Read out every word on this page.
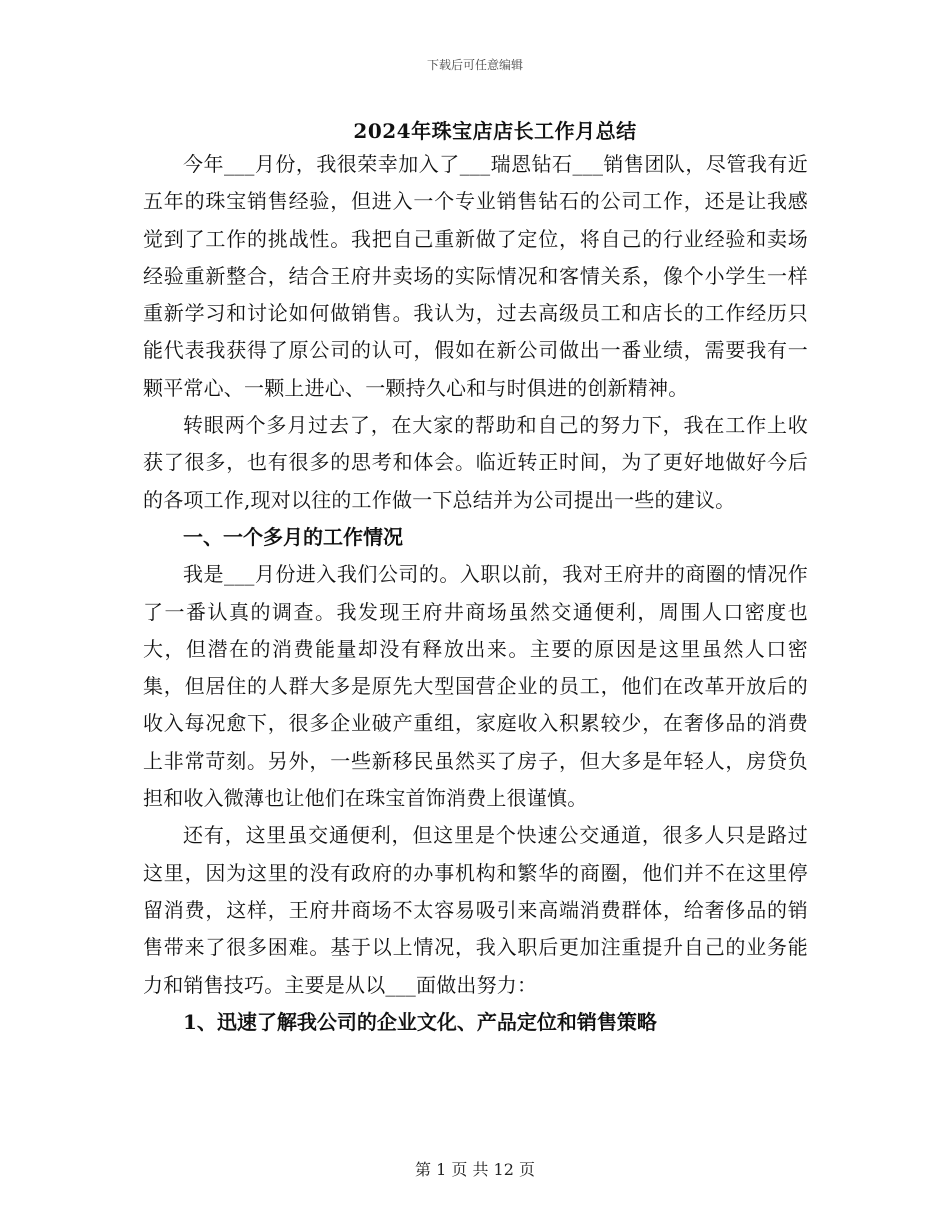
下载后可任意编辑
2024年珠宝店店长工作月总结

今年___月份，我很荣幸加入了___瑞恩钻石___销售团队，尽管我有近五年的珠宝销售经验，但进入一个专业销售钻石的公司工作，还是让我感觉到了工作的挑战性。我把自己重新做了定位，将自己的行业经验和卖场经验重新整合，结合王府井卖场的实际情况和客情关系，像个小学生一样重新学习和讨论如何做销售。我认为，过去高级员工和店长的工作经历只能代表我获得了原公司的认可，假如在新公司做出一番业绩，需要我有一颗平常心、一颗上进心、一颗持久心和与时俱进的创新精神。

转眼两个多月过去了，在大家的帮助和自己的努力下，我在工作上收获了很多，也有很多的思考和体会。临近转正时间，为了更好地做好今后的各项工作,现对以往的工作做一下总结并为公司提出一些的建议。

一、一个多月的工作情况

我是___月份进入我们公司的。入职以前，我对王府井的商圈的情况作了一番认真的调查。我发现王府井商场虽然交通便利，周围人口密度也大，但潜在的消费能量却没有释放出来。主要的原因是这里虽然人口密集，但居住的人群大多是原先大型国营企业的员工，他们在改革开放后的收入每况愈下，很多企业破产重组，家庭收入积累较少，在奢侈品的消费上非常苛刻。另外，一些新移民虽然买了房子，但大多是年轻人，房贷负担和收入微薄也让他们在珠宝首饰消费上很谨慎。

还有，这里虽交通便利，但这里是个快速公交通道，很多人只是路过这里，因为这里的没有政府的办事机构和繁华的商圈，他们并不在这里停留消费，这样，王府井商场不太容易吸引来高端消费群体，给奢侈品的销售带来了很多困难。基于以上情况，我入职后更加注重提升自己的业务能力和销售技巧。主要是从以___面做出努力：

1、迅速了解我公司的企业文化、产品定位和销售策略

第 1 页 共 12 页
